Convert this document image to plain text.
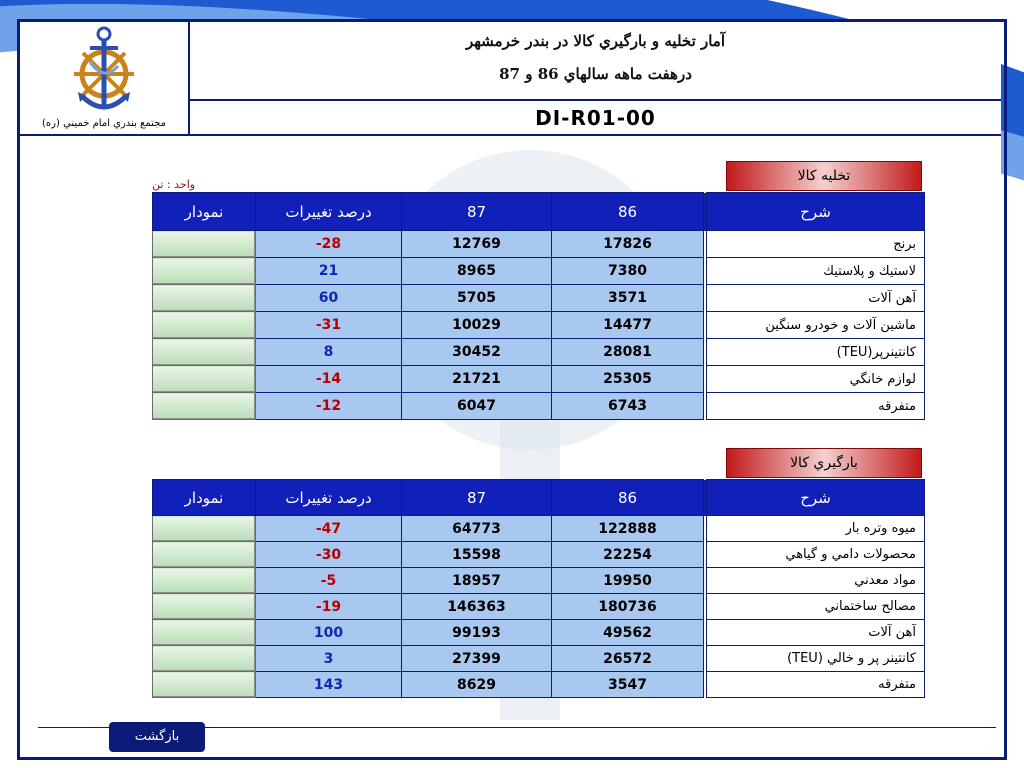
مجتمع بندري امام خميني (ره)
آمار تخليه و بارگيري کالا در بندر خرمشهر
درهفت ماهه سالهاي 86 و 87
DI-R01-00
واحد : تن
تخليه کالا
نمودار	درصد تغييرات	87	86		شرح
	-28	12769	17826		برنج
	21	8965	7380		لاستيك و پلاستيك
	60	5705	3571		آهن آلات
	-31	10029	14477		ماشين آلات و خودرو سنگين
	8	30452	28081		كانتينرپر(TEU)
	-14	21721	25305		لوازم خانگي
	-12	6047	6743		متفرقه
بارگيري کالا
نمودار	درصد تغييرات	87	86		شرح
	-47	64773	122888		ميوه وتره بار
	-30	15598	22254		محصولات دامي و گياهي
	-5	18957	19950		مواد معدني
	-19	146363	180736		مصالح ساختماني
	100	99193	49562		آهن آلات
	3	27399	26572		كانتينر پر و خالي (TEU)
	143	8629	3547		متفرقه
بازگشت
